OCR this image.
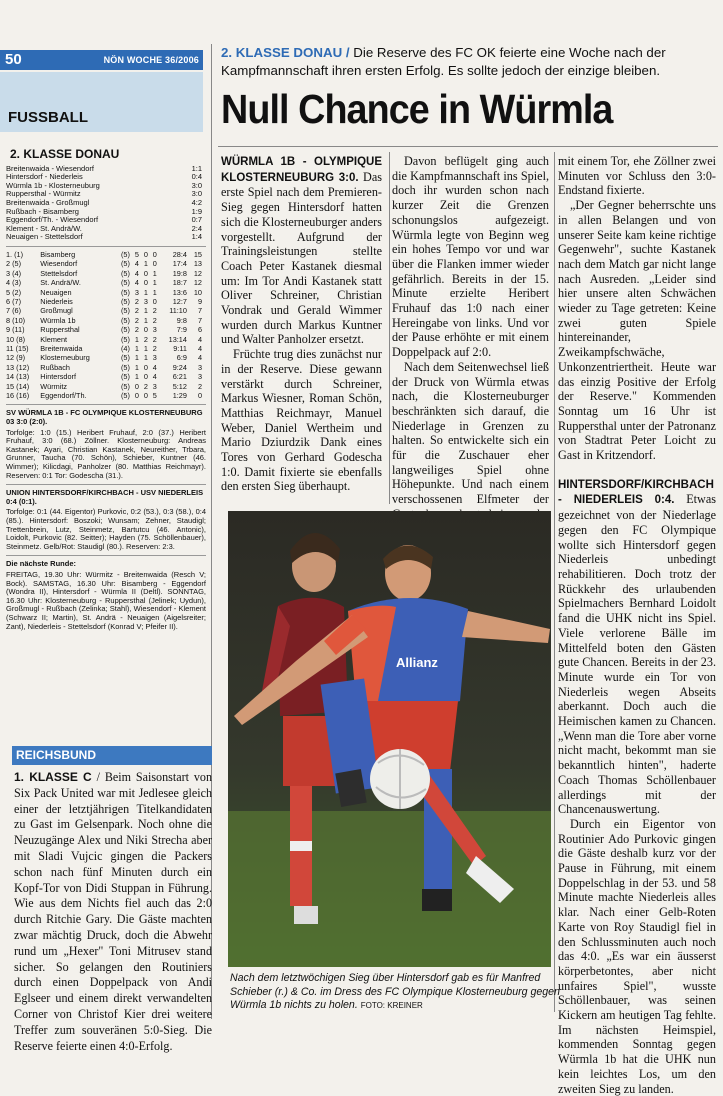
50	NÖN WOCHE 36/2006
FUSSBALL
2. KLASSE DONAU
Breitenwaida - Wiesendorf	1:1
Hintersdorf - Niederleis	0:4
Würmla 1b - Klosterneuburg	3:0
Ruppersthal - Würmitz	3:0
Breitenwaida - Großmugl	4:2
Rußbach - Bisamberg	1:9
Eggendorf/Th. - Wiesendorf	0:7
Klement - St. Andrä/W.	2:4
Neuaigen - Stettelsdorf	1:4
1. (1)	Bisamberg	(5)	5	0	0	28:4	15
2 (5)	Wiesendorf	(5)	4	1	0	17:4	13
3 (4)	Stettelsdorf	(5)	4	0	1	19:8	12
4 (3)	St. Andrä/W.	(5)	4	0	1	18:7	12
5 (2)	Neuaigen	(5)	3	1	1	13:6	10
6 (7)	Niederleis	(5)	2	3	0	12:7	9
7 (6)	Großmugl	(5)	2	1	2	11:10	7
8 (10)	Würmla 1b	(5)	2	1	2	9:8	7
9 (11)	Ruppersthal	(5)	2	0	3	7:9	6
10 (8)	Klement	(5)	1	2	2	13:14	4
11 (15)	Breitenwaida	(4)	1	1	2	9:11	4
12 (9)	Klosterneuburg	(5)	1	1	3	6:9	4
13 (12)	Rußbach	(5)	1	0	4	9:24	3
14 (13)	Hintersdorf	(5)	1	0	4	6:21	3
15 (14)	Würmitz	(5)	0	2	3	5:12	2
16 (16)	Eggendorf/Th.	(5)	0	0	5	1:29	0
SV WÜRMLA 1B - FC OLYMPIQUE KLOSTERNEUBURG 03 3:0 (2:0).
Torfolge: 1:0 (15.) Heribert Fruhauf, 2:0 (37.) Heribert Fruhauf, 3:0 (68.) Zöllner. Klosterneuburg: Andreas Kastanek; Ayari, Christian Kastanek, Neureither, Trbara, Grunner, Taucha (70. Schön), Schieber, Kuntner (46. Wimmer); Kilicdagi, Panholzer (80. Matthias Reichmayr). Reserven: 0:1 Tor: Godescha (31.).
UNION HINTERSDORF/KIRCHBACH - USV NIEDERLEIS 0:4 (0:1).
Torfolge: 0:1 (44. Eigentor) Purkovic, 0:2 (53.), 0:3 (58.), 0:4 (85.). Hintersdorf: Boszoki; Wunsam; Zehner, Staudigl; Trettenbrein, Lutz, Steinmetz, Bartutcu (46. Antonic), Loidolt, Purkovic (82. Seitter); Hayden (75. Schöllenbauer), Steinmetz. Gelb/Rot: Staudigl (80.). Reserven: 2:3.
Die nächste Runde:
FREITAG, 19.30 Uhr: Würmitz - Breitenwaida (Resch V; Bock). SAMSTAG, 16.30 Uhr: Bisamberg - Eggendorf (Wondra II), Hintersdorf - Würmla II (Deltl). SONNTAG, 16.30 Uhr: Klosterneuburg - Ruppersthal (Jelinek; Uydun), Großmugl - Rußbach (Zelinka; Stahl), Wiesendorf - Klement (Schwarz II; Martin), St. Andrä - Neuaigen (Aigelsreiter; Zant), Niederleis - Stettelsdorf (Konrad V; Pfeifer II).
REICHSBUND
1. KLASSE C / Beim Saisonstart von Six Pack United war mit Jedlesee gleich einer der letztjährigen Titelkandidaten zu Gast im Gelsenpark. Noch ohne die Neuzugänge Alex und Niki Strecha aber mit Sladi Vujcic gingen die Packers schon nach fünf Minuten durch ein Kopf-Tor von Didi Stuppan in Führung. Wie aus dem Nichts fiel auch das 2:0 durch Ritchie Gary. Die Gäste machten zwar mächtig Druck, doch die Abwehr rund um „Hexer" Toni Mitrusev stand sicher. So gelangen den Routiniers durch einen Doppelpack von Andi Eglseer und einem direkt verwandelten Corner von Christof Kier drei weitere Treffer zum souveränen 5:0-Sieg. Die Reserve feierte einen 4:0-Erfolg.
2. KLASSE DONAU / Die Reserve des FC OK feierte eine Woche nach der Kampfmannschaft ihren ersten Erfolg. Es sollte jedoch der einzige bleiben.
Null Chance in Würmla

WÜRMLA 1B - OLYMPIQUE KLOSTERNEUBURG 3:0. Das erste Spiel nach dem Premieren-Sieg gegen Hintersdorf hatten sich die Klosterneuburger anders vorgestellt. Aufgrund der Trainingsleistungen stellte Coach Peter Kastanek diesmal um: Im Tor Andi Kastanek statt Oliver Schreiner, Christian Vondrak und Gerald Wimmer wurden durch Markus Kuntner und Walter Panholzer ersetzt.

Früchte trug dies zunächst nur in der Reserve. Diese gewann verstärkt durch Schreiner, Markus Wiesner, Roman Schön, Matthias Reichmayr, Manuel Weber, Daniel Wertheim und Mario Dziurdzik Dank eines Tores von Gerhard Godescha 1:0. Damit fixierte sie ebenfalls den ersten Sieg überhaupt.

Davon beflügelt ging auch die Kampfmannschaft ins Spiel, doch ihr wurden schon nach kurzer Zeit die Grenzen schonungslos aufgezeigt. Würmla legte von Beginn weg ein hohes Tempo vor und war über die Flanken immer wieder gefährlich. Bereits in der 15. Minute erzielte Heribert Fruhauf das 1:0 nach einer Hereingabe von links. Und vor der Pause erhöhte er mit einem Doppelpack auf 2:0.

Nach dem Seitenwechsel ließ der Druck von Würmla etwas nach, die Klosterneuburger beschränkten sich darauf, die Niederlage in Grenzen zu halten. So entwickelte sich ein für die Zuschauer eher langweiliges Spiel ohne Höhepunkte. Und nach einem verschossenen Elfmeter der

mit einem Tor, ehe Zöllner zwei Minuten vor Schluss den 3:0-Endstand fixierte.

„Der Gegner beherrschte uns in allen Belangen und von unserer Seite kam keine richtige Gegenwehr", suchte Kastanek nach dem Match gar nicht lange nach Ausreden. „Leider sind hier unsere alten Schwächen wieder zu Tage getreten: Keine zwei guten Spiele hintereinander, Zweikampfschwäche, Unkonzentriertheit. Heute war das einzig Positive der Erfolg der Reserve." Kommenden Sonntag um 16 Uhr ist Ruppersthal unter der Patronanz von Stadtrat Peter Loicht zu Gast in Kritzendorf.

HINTERSDORF/KIRCHBACH - NIEDERLEIS 0:4. Etwas gezeichnet von der Niederlage gegen den FC Olympique wollte sich Hintersdorf gegen Niederleis unbedingt rehabilitieren. Doch trotz der Rückkehr des urlaubenden Spielmachers Bernhard Loidolt fand die UHK nicht ins Spiel. Viele verlorene Bälle im Mittelfeld boten den Gästen gute Chancen. Bereits in der 23. Minute wurde ein Tor von Niederleis wegen Abseits aberkannt. Doch auch die Heimischen kamen zu Chancen. „Wenn man die Tore aber vorne nicht macht, bekommt man sie bekanntlich hinten", haderte Coach Thomas Schöllenbauer allerdings mit der Chancenauswertung.

Durch ein Eigentor von Routinier Ado Purkovic gingen die Gäste deshalb kurz vor der Pause in Führung, mit einem Doppelschlag in der 53. und 58 Minute machte Niederleis alles klar. Nach einer Gelb-Roten Karte von Roy Staudigl fiel in den Schlussminuten auch noch das 4:0. „Es war ein äusserst körperbetontes, aber nicht unfaires Spiel", wusste Schöllenbauer, was seinen Kickern am heutigen Tag fehlte. Im nächsten Heimspiel, kommenden Sonntag gegen Würmla 1b hat die UHK nun kein leichtes Los, um den zweiten Sieg zu landen.

Allianz
Nach dem letztwöchigen Sieg über Hintersdorf gab es für Manfred Schieber (r.) & Co. im Dress des FC Olympique Klosterneuburg gegen Würmla 1b nichts zu holen. FOTO: KREINER
